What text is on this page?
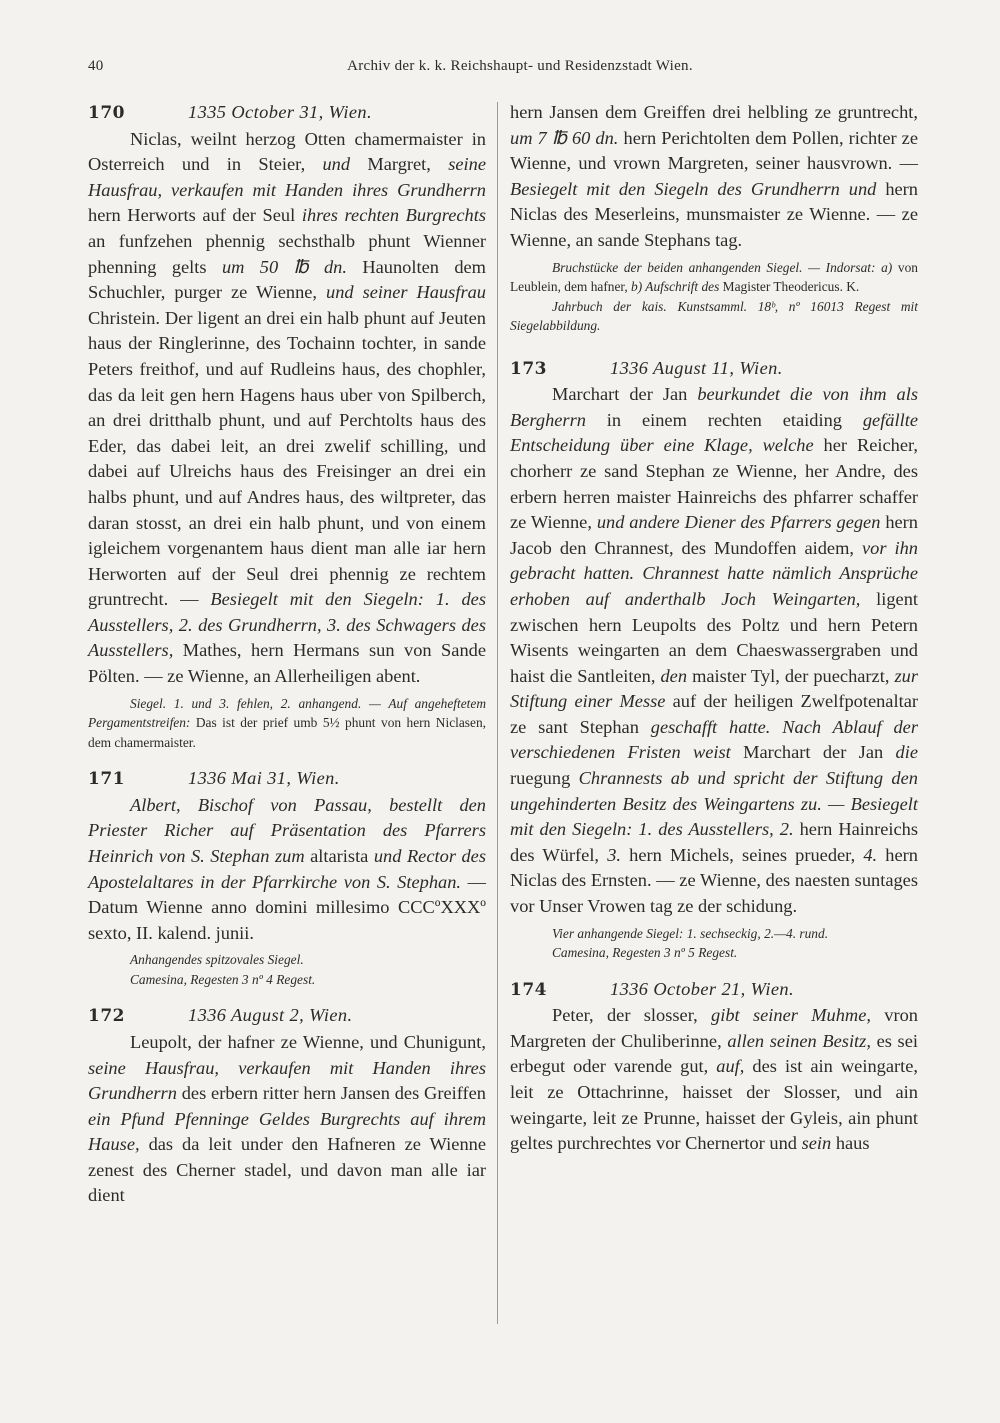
40	Archiv der k. k. Reichshaupt- und Residenzstadt Wien.
170	1335 October 31, Wien.

Niclas, weilnt herzog Otten chamermaister in Osterreich und in Steier, und Margret, seine Hausfrau, verkaufen mit Handen ihres Grundherrn hern Herworts auf der Seul ihres rechten Burgrechts an funfzehen phennig sechsthalb phunt Wienner phenning gelts um 50 ℔ dn. Haunolten dem Schuchler, purger ze Wienne, und seiner Hausfrau Christein. Der ligent an drei ein halb phunt auf Jeuten haus der Ringlerinne, des Tochainn tochter, in sande Peters freithof, und auf Rudleins haus, des chophler, das da leit gen hern Hagens haus uber von Spilberch, an drei dritthalb phunt, und auf Perchtolts haus des Eder, das dabei leit, an drei zwelif schilling, und dabei auf Ulreichs haus des Freisinger an drei ein halbs phunt, und auf Andres haus, des wiltpreter, das daran stosst, an drei ein halb phunt, und von einem igleichem vorgenantem haus dient man alle iar hern Herworten auf der Seul drei phennig ze rechtem gruntrecht. — Besiegelt mit den Siegeln: 1. des Ausstellers, 2. des Grundherrn, 3. des Schwagers des Ausstellers, Mathes, hern Hermans sun von Sande Pölten. — ze Wienne, an Allerheiligen abent.

Siegel. 1. und 3. fehlen, 2. anhangend. — Auf angeheftetem Pergamentstreifen: Das ist der prief umb 5½ phunt von hern Niclasen, dem chamermaister.

171	1336 Mai 31, Wien.

Albert, Bischof von Passau, bestellt den Priester Richer auf Präsentation des Pfarrers Heinrich von S. Stephan zum altarista und Rector des Apostelaltares in der Pfarrkirche von S. Stephan. — Datum Wienne anno domini millesimo CCCºXXXº sexto, II. kalend. junii.

Anhangendes spitzovales Siegel.

Camesina, Regesten 3 nº 4 Regest.

172	1336 August 2, Wien.

Leupolt, der hafner ze Wienne, und Chunigunt, seine Hausfrau, verkaufen mit Handen ihres Grundherrn des erbern ritter hern Jansen des Greiffen ein Pfund Pfenninge Geldes Burgrechts auf ihrem Hause, das da leit under den Hafneren ze Wienne zenest des Cherner stadel, und davon man alle iar dient

hern Jansen dem Greiffen drei helbling ze gruntrecht, um 7 ℔ 60 dn. hern Perichtolten dem Pollen, richter ze Wienne, und vrown Margreten, seiner hausvrown. — Besiegelt mit den Siegeln des Grundherrn und hern Niclas des Meserleins, munsmaister ze Wienne. — ze Wienne, an sande Stephans tag.

Bruchstücke der beiden anhangenden Siegel. — Indorsat: a) von Leublein, dem hafner, b) Aufschrift des Magister Theodericus. K.

Jahrbuch der kais. Kunstsamml. 18ᵇ, nº 16013 Regest mit Siegelabbildung.

173	1336 August 11, Wien.

Marchart der Jan beurkundet die von ihm als Bergherrn in einem rechten etaiding gefällte Entscheidung über eine Klage, welche her Reicher, chorherr ze sand Stephan ze Wienne, her Andre, des erbern herren maister Hainreichs des phfarrer schaffer ze Wienne, und andere Diener des Pfarrers gegen hern Jacob den Chrannest, des Mundoffen aidem, vor ihn gebracht hatten. Chrannest hatte nämlich Ansprüche erhoben auf anderthalb Joch Weingarten, ligent zwischen hern Leupolts des Poltz und hern Petern Wisents weingarten an dem Chaeswassergraben und haist die Santleiten, den maister Tyl, der puecharzt, zur Stiftung einer Messe auf der heiligen Zwelfpotenaltar ze sant Stephan geschafft hatte. Nach Ablauf der verschiedenen Fristen weist Marchart der Jan die ruegung Chrannests ab und spricht der Stiftung den ungehinderten Besitz des Weingartens zu. — Besiegelt mit den Siegeln: 1. des Ausstellers, 2. hern Hainreichs des Würfel, 3. hern Michels, seines prueder, 4. hern Niclas des Ernsten. — ze Wienne, des naesten suntages vor Unser Vrowen tag ze der schidung.

Vier anhangende Siegel: 1. sechseckig, 2.—4. rund.

Camesina, Regesten 3 nº 5 Regest.

174	1336 October 21, Wien.

Peter, der slosser, gibt seiner Muhme, vron Margreten der Chuliberinne, allen seinen Besitz, es sei erbegut oder varende gut, auf, des ist ain weingarte, leit ze Ottachrinne, haisset der Slosser, und ain weingarte, leit ze Prunne, haisset der Gyleis, ain phunt geltes purchrechtes vor Chernertor und sein haus
